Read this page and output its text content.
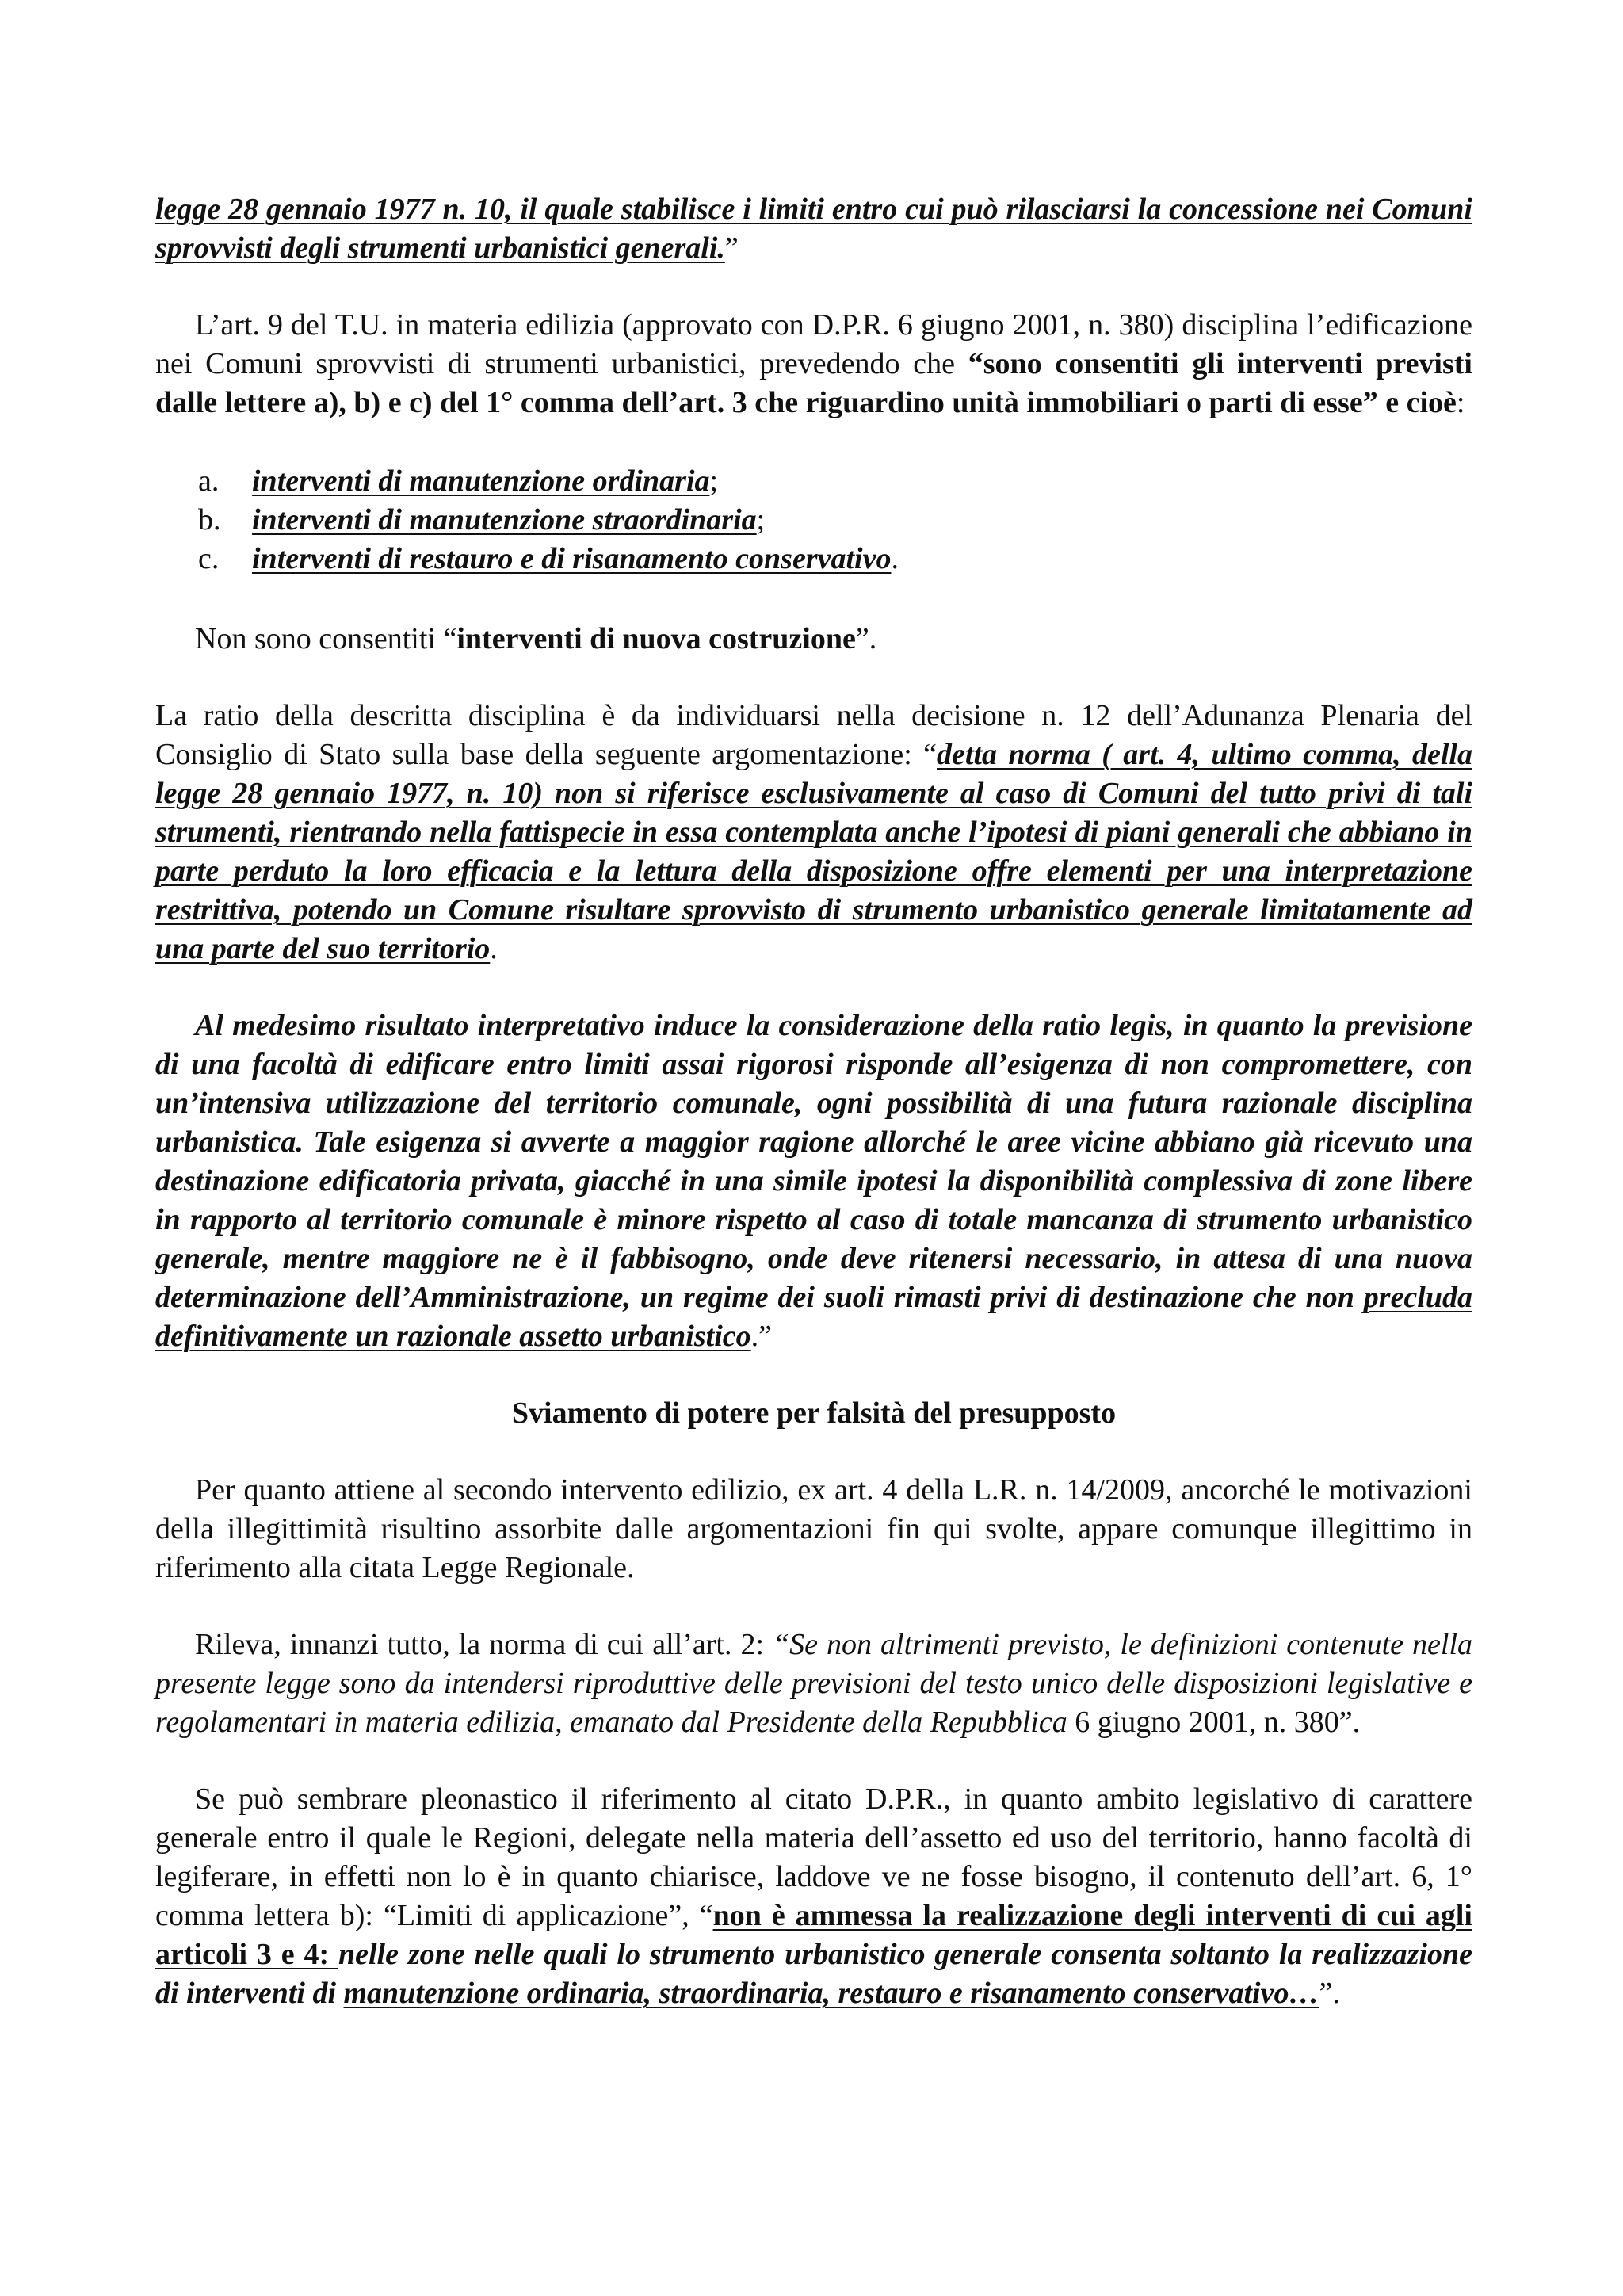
legge 28 gennaio 1977 n. 10, il quale stabilisce i limiti entro cui può rilasciarsi la concessione nei Comuni sprovvisti degli strumenti urbanistici generali.”

L’art. 9 del T.U. in materia edilizia (approvato con D.P.R. 6 giugno 2001, n. 380) disciplina l’edificazione nei Comuni sprovvisti di strumenti urbanistici, prevedendo che “sono consentiti gli interventi previsti dalle lettere a), b) e c) del 1° comma dell’art. 3 che riguardino unità immobiliari o parti di esse” e cioè:

a.	interventi di manutenzione ordinaria;
b.	interventi di manutenzione straordinaria;
c.	interventi di restauro e di risanamento conservativo.

Non sono consentiti “interventi di nuova costruzione”.

La ratio della descritta disciplina è da individuarsi nella decisione n. 12 dell’Adunanza Plenaria del Consiglio di Stato sulla base della seguente argomentazione: “detta norma ( art. 4, ultimo comma, della legge 28 gennaio 1977, n. 10) non si riferisce esclusivamente al caso di Comuni del tutto privi di tali strumenti, rientrando nella fattispecie in essa contemplata anche l’ipotesi di piani generali che abbiano in parte perduto la loro efficacia e la lettura della disposizione offre elementi per una interpretazione restrittiva, potendo un Comune risultare sprovvisto di strumento urbanistico generale limitatamente ad una parte del suo territorio.

Al medesimo risultato interpretativo induce la considerazione della ratio legis, in quanto la previsione di una facoltà di edificare entro limiti assai rigorosi risponde all’esigenza di non compromettere, con un’intensiva utilizzazione del territorio comunale, ogni possibilità di una futura razionale disciplina urbanistica. Tale esigenza si avverte a maggior ragione allorché le aree vicine abbiano già ricevuto una destinazione edificatoria privata, giacché in una simile ipotesi la disponibilità complessiva di zone libere in rapporto al territorio comunale è minore rispetto al caso di totale mancanza di strumento urbanistico generale, mentre maggiore ne è il fabbisogno, onde deve ritenersi necessario, in attesa di una nuova determinazione dell’Amministrazione, un regime dei suoli rimasti privi di destinazione che non precluda definitivamente un razionale assetto urbanistico.”

Sviamento di potere per falsità del presupposto

Per quanto attiene al secondo intervento edilizio, ex art. 4 della L.R. n. 14/2009, ancorché le motivazioni della illegittimità risultino assorbite dalle argomentazioni fin qui svolte, appare comunque illegittimo in riferimento alla citata Legge Regionale.

Rileva, innanzi tutto, la norma di cui all’art. 2: “Se non altrimenti previsto, le definizioni contenute nella presente legge sono da intendersi riproduttive delle previsioni del testo unico delle disposizioni legislative e regolamentari in materia edilizia, emanato dal Presidente della Repubblica 6 giugno 2001, n. 380”.

Se può sembrare pleonastico il riferimento al citato D.P.R., in quanto ambito legislativo di carattere generale entro il quale le Regioni, delegate nella materia dell’assetto ed uso del territorio, hanno facoltà di legiferare, in effetti non lo è in quanto chiarisce, laddove ve ne fosse bisogno, il contenuto dell’art. 6, 1° comma lettera b): “Limiti di applicazione”, “non è ammessa la realizzazione degli interventi di cui agli articoli 3 e 4: nelle zone nelle quali lo strumento urbanistico generale consenta soltanto la realizzazione di interventi di manutenzione ordinaria, straordinaria, restauro e risanamento conservativo…”.
